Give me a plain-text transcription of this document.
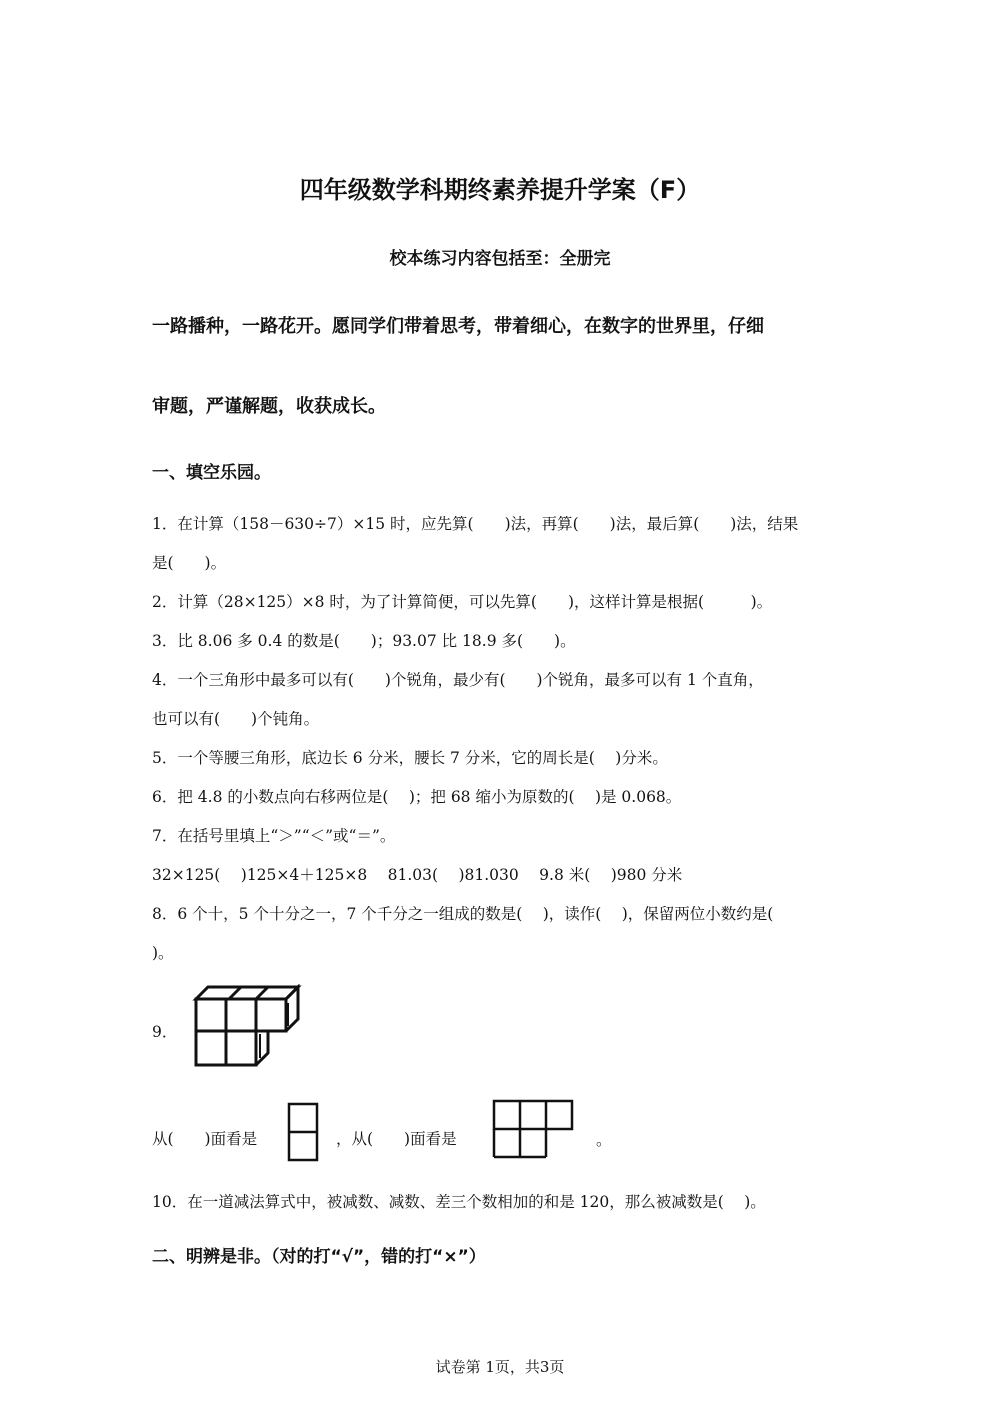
四年级数学科期终素养提升学案（F）
校本练习内容包括至：全册完
一路播种，一路花开。愿同学们带着思考，带着细心，在数字的世界里，仔细
审题，严谨解题，收获成长。
一、填空乐园。
1．在计算（158－630÷7）×15 时，应先算(　　)法，再算(　　)法，最后算(　　)法，结果
是(　　)。
2．计算（28×125）×8 时，为了计算简便，可以先算(　　)，这样计算是根据(　　　)。
3．比 8.06 多 0.4 的数是(　　)；93.07 比 18.9 多(　　)。
4．一个三角形中最多可以有(　　)个锐角，最少有(　　)个锐角，最多可以有 1 个直角，
也可以有(　　)个钝角。
5．一个等腰三角形，底边长 6 分米，腰长 7 分米，它的周长是(　 )分米。
6．把 4.8 的小数点向右移两位是(　 )；把 68 缩小为原数的(　 )是 0.068。
7．在括号里填上“＞”“＜”或“＝”。
32×125(　 )125×4＋125×8　 81.03(　 )81.030　 9.8 米(　 )980 分米
8．6 个十，5 个十分之一，7 个千分之一组成的数是(　 )，读作(　 )，保留两位小数约是(
)。
9．
从(　　)面看是	，从(　　)面看是	。
10．在一道减法算式中，被减数、减数、差三个数相加的和是 120，那么被减数是(　 )。
二、明辨是非。（对的打“√”，错的打“×”）
试卷第 1页，共3页
